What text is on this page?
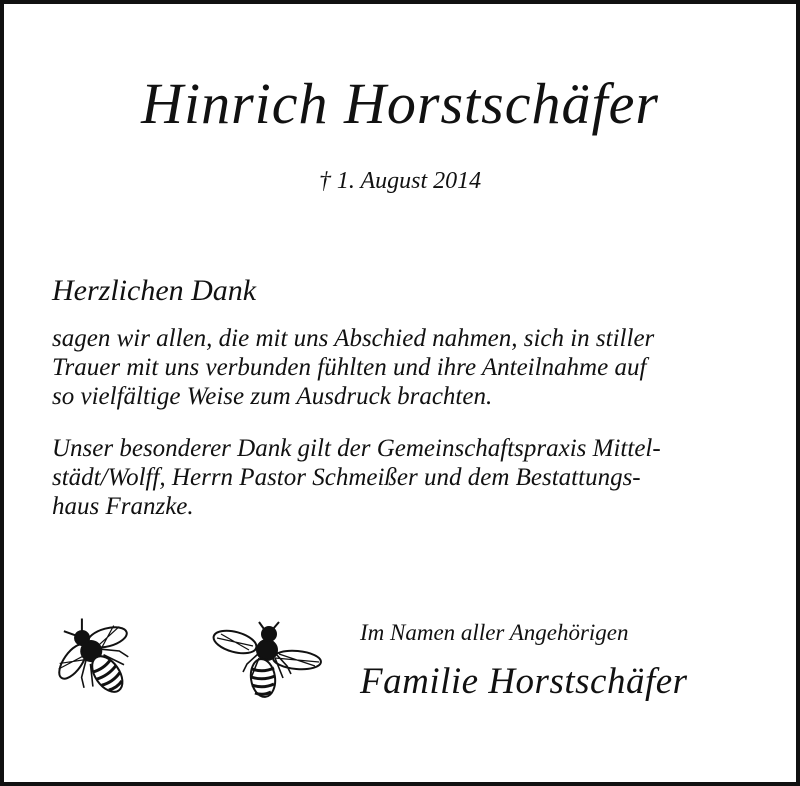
Hinrich Horstschäfer
† 1. August 2014
Herzlichen Dank
sagen wir allen, die mit uns Abschied nahmen, sich in stiller
Trauer mit uns verbunden fühlten und ihre Anteilnahme auf
so vielfältige Weise zum Ausdruck brachten.
Unser besonderer Dank gilt der Gemeinschaftspraxis Mittel-
städt/Wolff, Herrn Pastor Schmeißer und dem Bestattungs-
haus Franzke.
Im Namen aller Angehörigen
Familie Horstschäfer
